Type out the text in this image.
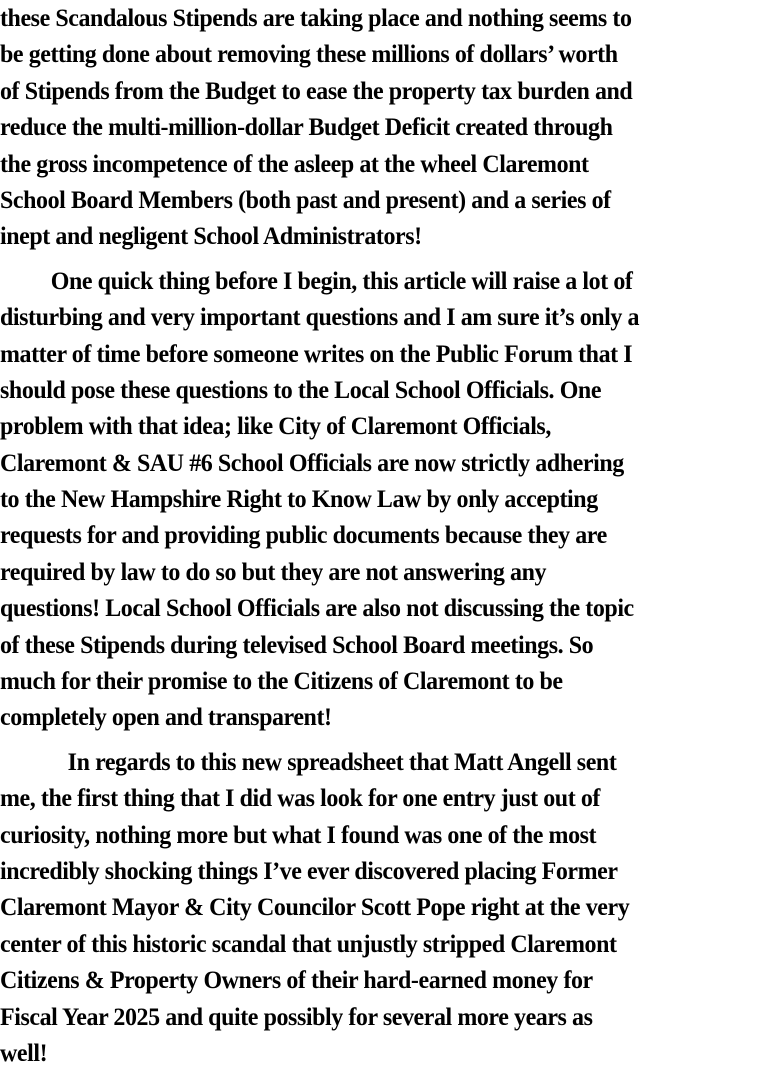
these Scandalous Stipends are taking place and nothing seems to
be getting done about removing these millions of dollars’ worth
of Stipends from the Budget to ease the property tax burden and
reduce the multi-million-dollar Budget Deficit created through
the gross incompetence of the asleep at the wheel Claremont
School Board Members (both past and present) and a series of
inept and negligent School Administrators!
One quick thing before I begin, this article will raise a lot of
disturbing and very important questions and I am sure it’s only a
matter of time before someone writes on the Public Forum that I
should pose these questions to the Local School Officials. One
problem with that idea; like City of Claremont Officials,
Claremont & SAU #6 School Officials are now strictly adhering
to the New Hampshire Right to Know Law by only accepting
requests for and providing public documents because they are
required by law to do so but they are not answering any
questions! Local School Officials are also not discussing the topic
of these Stipends during televised School Board meetings. So
much for their promise to the Citizens of Claremont to be
completely open and transparent!
In regards to this new spreadsheet that Matt Angell sent
me, the first thing that I did was look for one entry just out of
curiosity, nothing more but what I found was one of the most
incredibly shocking things I’ve ever discovered placing Former
Claremont Mayor & City Councilor Scott Pope right at the very
center of this historic scandal that unjustly stripped Claremont
Citizens & Property Owners of their hard-earned money for
Fiscal Year 2025 and quite possibly for several more years as
well!
